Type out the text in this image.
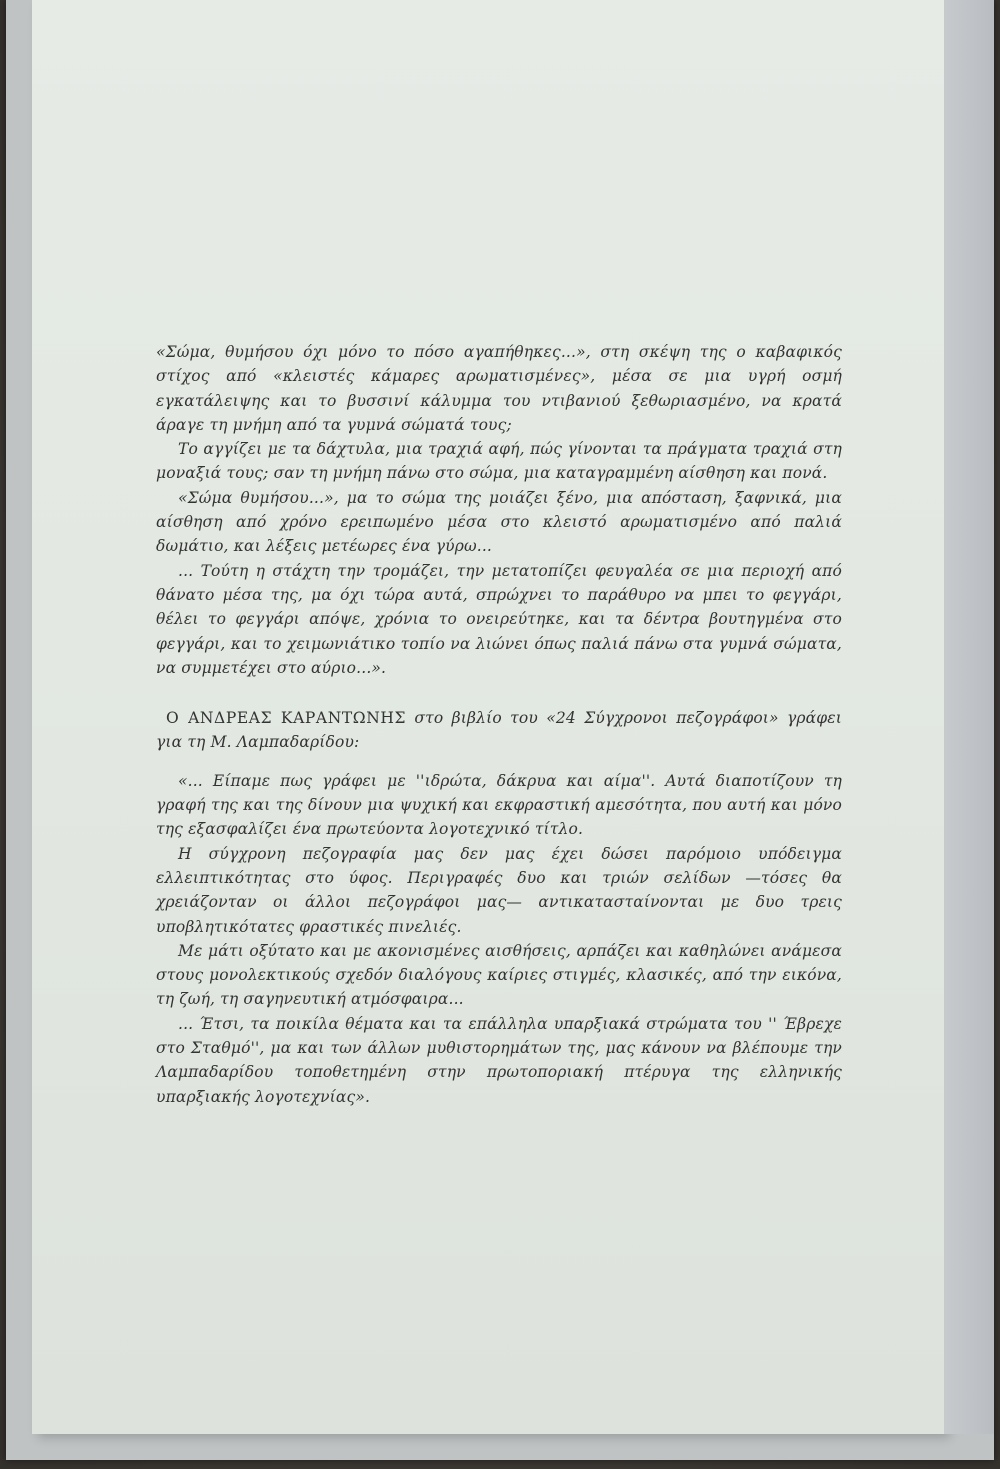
«Σώμα, θυμήσου όχι μόνο το πόσο αγαπήθηκες...», στη σκέψη της ο καβαφικός στίχος από «κλειστές κάμαρες αρωματισμένες», μέσα σε μια υγρή οσμή εγκατάλειψης και το βυσσινί κάλυμμα του ντιβανιού ξεθωριασμένο, να κρατά άραγε τη μνήμη από τα γυμνά σώματά τους;

Το αγγίζει με τα δάχτυλα, μια τραχιά αφή, πώς γίνονται τα πράγματα τραχιά στη μοναξιά τους; σαν τη μνήμη πάνω στο σώμα, μια καταγραμμένη αίσθηση και πονά.

«Σώμα θυμήσου...», μα το σώμα της μοιάζει ξένο, μια απόσταση, ξαφνικά, μια αίσθηση από χρόνο ερειπωμένο μέσα στο κλειστό αρωματισμένο από παλιά δωμάτιο, και λέξεις μετέωρες ένα γύρω...

... Τούτη η στάχτη την τρομάζει, την μετατοπίζει φευγαλέα σε μια περιοχή από θάνατο μέσα της, μα όχι τώρα αυτά, σπρώχνει το παράθυρο να μπει το φεγγάρι, θέλει το φεγγάρι απόψε, χρόνια το ονειρεύτηκε, και τα δέντρα βουτηγμένα στο φεγγάρι, και το χειμωνιάτικο τοπίο να λιώνει όπως παλιά πάνω στα γυμνά σώματα, να συμμετέχει στο αύριο...».

Ο ΑΝΔΡΕΑΣ ΚΑΡΑΝΤΩΝΗΣ στο βιβλίο του «24 Σύγχρονοι πεζογράφοι» γράφει για τη Μ. Λαμπαδαρίδου:

«... Είπαμε πως γράφει με ''ιδρώτα, δάκρυα και αίμα''. Αυτά διαποτίζουν τη γραφή της και της δίνουν μια ψυχική και εκφραστική αμεσότητα, που αυτή και μόνο της εξασφαλίζει ένα πρωτεύοντα λογοτεχνικό τίτλο.

Η σύγχρονη πεζογραφία μας δεν μας έχει δώσει παρόμοιο υπόδειγμα ελλειπτικότητας στο ύφος. Περιγραφές δυο και τριών σελίδων —τόσες θα χρειάζονταν οι άλλοι πεζογράφοι μας— αντικατασταίνονται με δυο τρεις υποβλητικότατες φραστικές πινελιές.

Με μάτι οξύτατο και με ακονισμένες αισθήσεις, αρπάζει και καθηλώνει ανάμεσα στους μονολεκτικούς σχεδόν διαλόγους καίριες στιγμές, κλασικές, από την εικόνα, τη ζωή, τη σαγηνευτική ατμόσφαιρα...

... Έτσι, τα ποικίλα θέματα και τα επάλληλα υπαρξιακά στρώματα του '' Έβρεχε στο Σταθμό'', μα και των άλλων μυθιστορημάτων της, μας κάνουν να βλέπουμε την Λαμπαδαρίδου τοποθετημένη στην πρωτοποριακή πτέρυγα της ελληνικής υπαρξιακής λογοτεχνίας».
